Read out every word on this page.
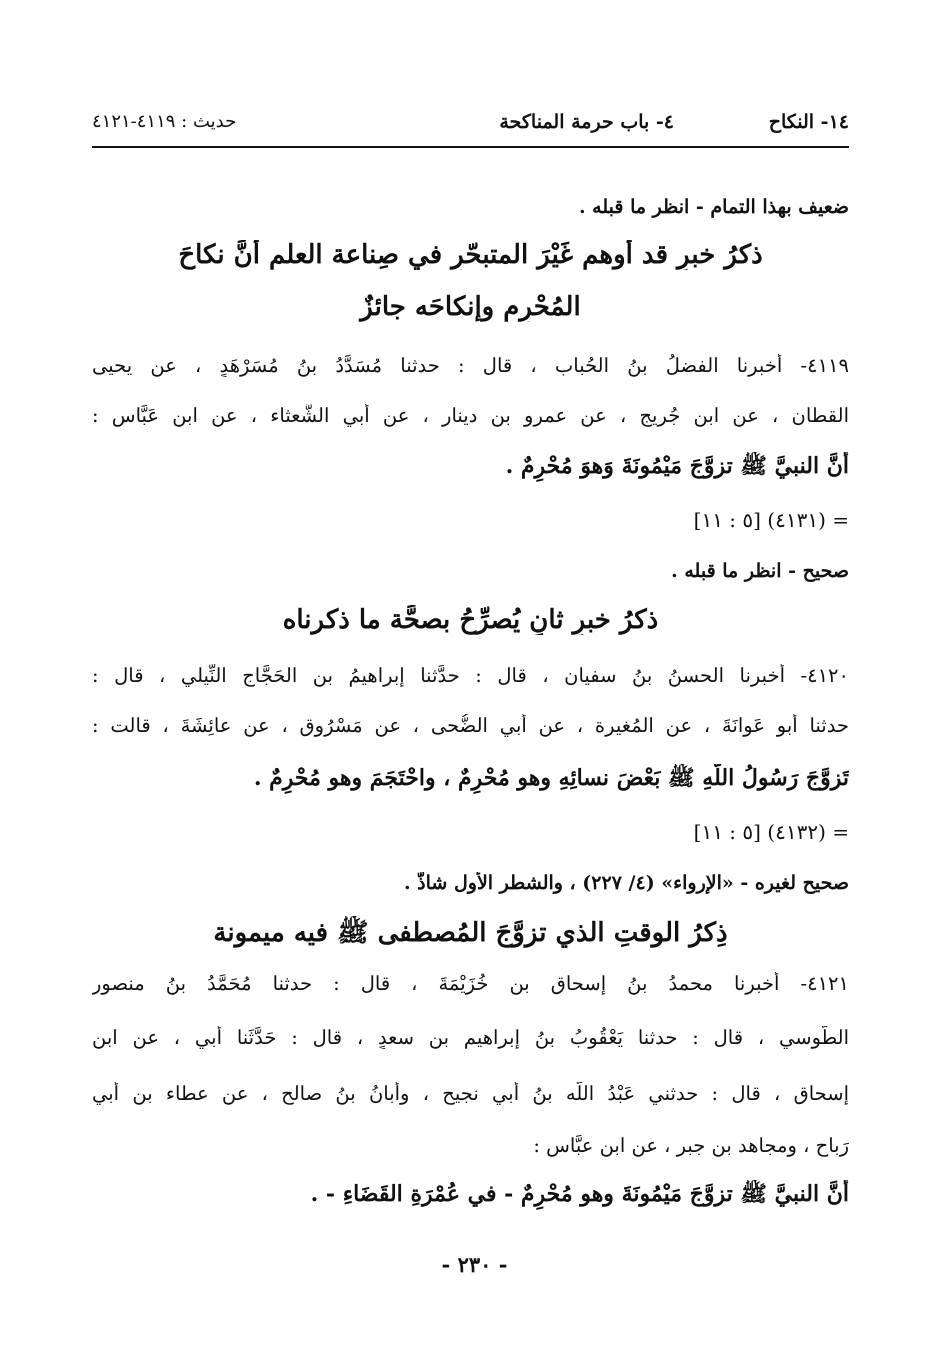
١٤- النكاح
٤- باب حرمة المناكحة
حديث : ٤١١٩-٤١٢١
ضعيف بهذا التمام - انظر ما قبله .
ذكرُ خبرٍ قد أوهم غَيْرَ المتبحّرِ في صِناعة العلمِ أنَّ نكاحَ
المُحْرِمِ وإنكاحَه جائزٌ
٤١١٩- أخبرنا الفضلُ بنُ الحُباب ، قال : حدثنا مُسَدَّدُ بنُ مُسَرْهَدٍ ، عن يحيى
القطان ، عن ابن جُريج ، عن عمرو بن دينار ، عن أبي الشَّعثاء ، عن ابنِ عَبَّاس :
أنَّ النبيَّ ﷺ تزوَّجَ مَيْمُونَةَ وَهوَ مُحْرِمٌ .
= (٤١٣١) [٥ : ١١]
صحيح - انظر ما قبله .
ذكرُ خبرٍ ثانٍ يُصرِّحُ بصحَّة ما ذكرناه
٤١٢٠- أخبرنا الحسنُ بنُ سفيان ، قال : حدَّثنا إبراهيمُ بن الحَجَّاج النِّيلي ، قال :
حدثنا أبو عَوانَةَ ، عن المُغيرة ، عن أبي الضُّحى ، عن مَسْرُوق ، عن عائِشَةَ ، قالت :
تَزوَّجَ رَسُولُ اللَّهِ ﷺ بَعْضَ نسائِهِ وهو مُحْرِمٌ ، واحْتَجَمَ وهو مُحْرِمٌ .
= (٤١٣٢) [٥ : ١١]
صحيح لغيره - «الإرواء» (٤/ ٢٢٧) ، والشطر الأول شاذٌّ .
ذِكرُ الوقتِ الذي تزوَّجَ المُصطفى ﷺ فيه ميمونة
٤١٢١- أخبرنا محمدُ بنُ إسحاق بن خُزَيْمَةَ ، قال : حدثنا مُحَمَّدُ بنُ منصورٍ
الطُّوسي ، قال : حدثنا يَعْقُوبُ بنُ إبراهيم بن سعدٍ ، قال : حَدَّثَنا أبي ، عن ابن
إسحاق ، قال : حدثني عَبْدُ اللَّه بنُ أبي نجيحٍ ، وأبانُ بنُ صالحٍ ، عن عطاء بن أبي
رَباحٍ ، ومجاهد بن جبر ، عن ابن عبَّاس :
أنَّ النبيَّ ﷺ تزوَّجَ مَيْمُونَةَ وهو مُحْرِمٌ - في عُمْرَةِ القَضَاءِ - .
- ٢٣٠ -
